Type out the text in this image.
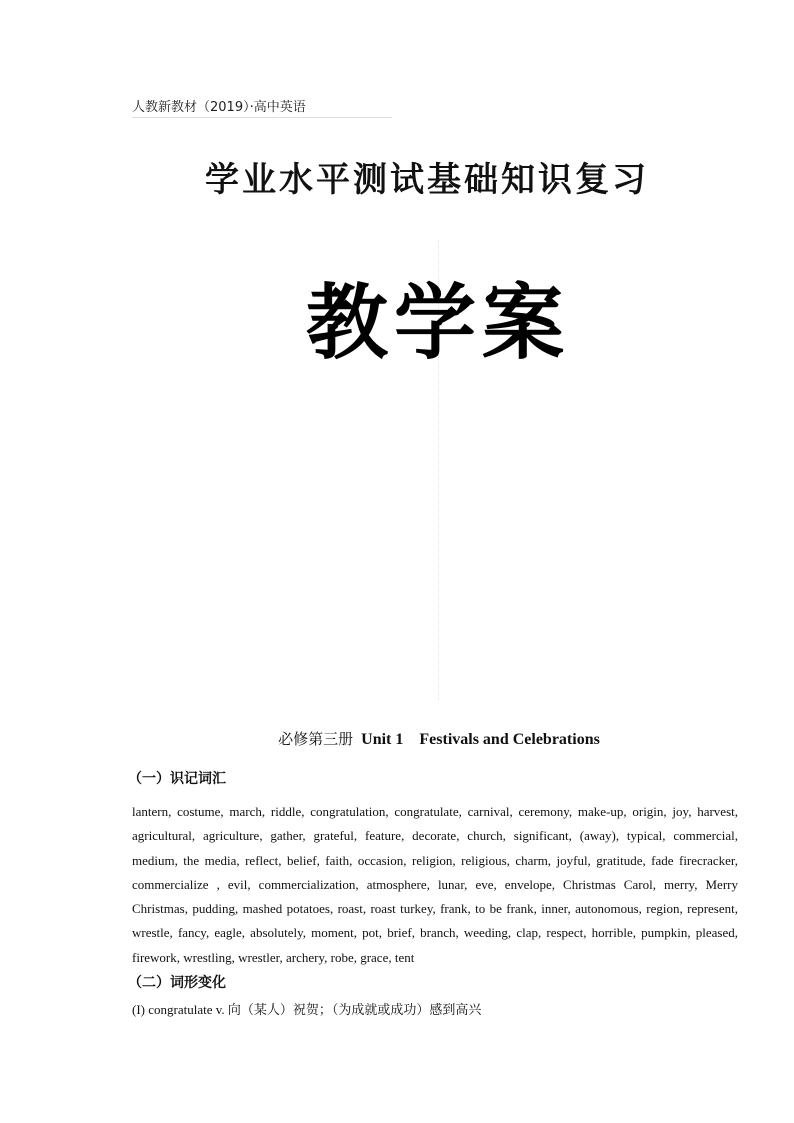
人教新教材（2019）·高中英语
学业水平测试基础知识复习
教学案
必修第三册 Unit 1　Festivals and Celebrations
（一）识记词汇
lantern, costume, march, riddle, congratulation, congratulate, carnival, ceremony, make-up, origin, joy, harvest, agricultural, agriculture, gather, grateful, feature, decorate, church, significant, (away), typical, commercial, medium, the media, reflect, belief, faith, occasion, religion, religious, charm, joyful, gratitude, fade firecracker, commercialize , evil, commercialization, atmosphere, lunar, eve, envelope, Christmas Carol, merry, Merry Christmas, pudding, mashed potatoes, roast, roast turkey, frank, to be frank, inner, autonomous, region, represent, wrestle, fancy, eagle, absolutely, moment, pot, brief, branch, weeding, clap, respect, horrible, pumpkin, pleased, firework, wrestling, wrestler, archery, robe, grace, tent
（二）词形变化
(I) congratulate v. 向（某人）祝贺；（为成就或成功）感到高兴
